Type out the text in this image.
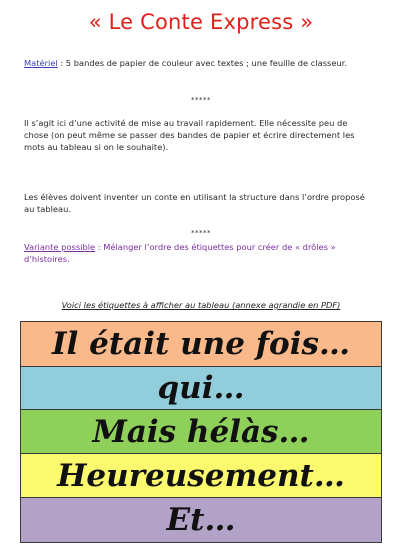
« Le Conte Express »
Matériel : 5 bandes de papier de couleur avec textes ; une feuille de classeur.
*****
Il s’agit ici d’une activité de mise au travail rapidement. Elle nécessite peu de chose (on peut même se passer des bandes de papier et écrire directement les mots au tableau si on le souhaite).
Les élèves doivent inventer un conte en utilisant la structure dans l’ordre proposé au tableau.
*****
Variante possible : Mélanger l’ordre des étiquettes pour créer de « drôles » d’histoires.
Voici les étiquettes à afficher au tableau (annexe agrandie en PDF)
Il était une fois…
qui…
Mais hélàs…
Heureusement…
Et…
